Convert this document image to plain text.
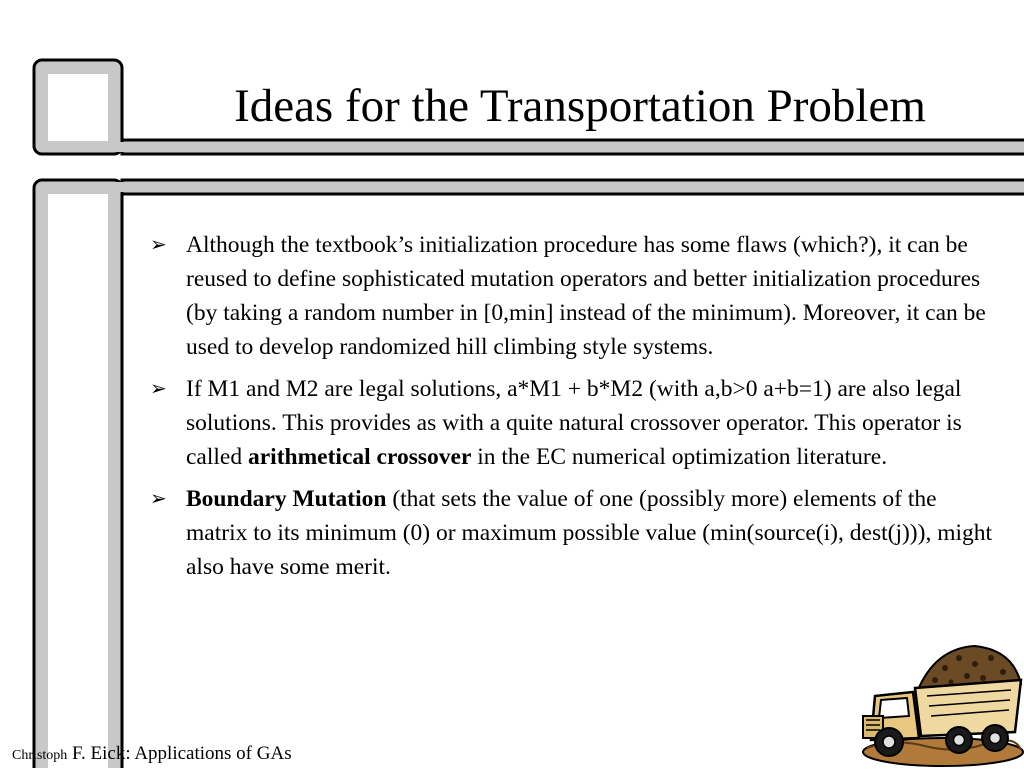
Ideas for the Transportation Problem
➢ Although the textbook’s initialization procedure has some flaws (which?), it can be reused to define sophisticated mutation operators and better initialization procedures (by taking a random number in [0,min] instead of the minimum). Moreover, it can be used to develop randomized hill climbing style systems.
➢ If M1 and M2 are legal solutions, a*M1 + b*M2 (with a,b>0 a+b=1) are also legal solutions. This provides as with a quite natural crossover operator. This operator is called arithmetical crossover in the EC numerical optimization literature.
➢ Boundary Mutation (that sets the value of one (possibly more) elements of the matrix to its minimum (0) or maximum possible value (min(source(i), dest(j))), might also have some merit.
Christoph F. Eick: Applications of GAs
